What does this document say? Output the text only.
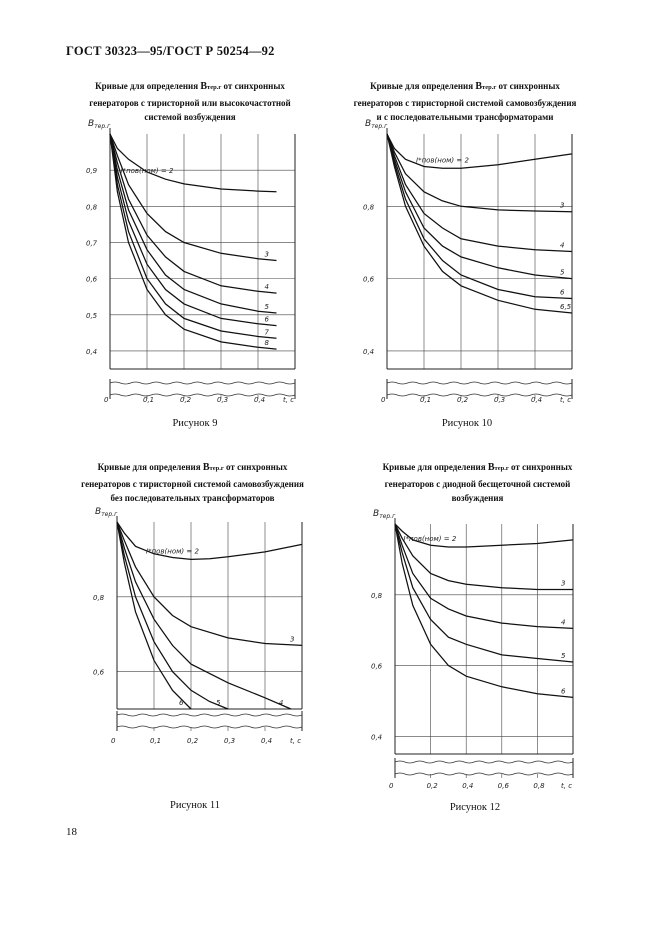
ГОСТ 30323—95/ГОСТ Р 50254—92
Кривые для определения Bтер.г от синхронных
генераторов с тиристорной или высокочастотной
системой возбуждения
0	0,1	0,2	0,3	0,4	t, с
0,4
0,5
0,6
0,7
0,8
0,9
Bтер.г
I*пов(ном) = 2
3
4
5
6
7
8
Рисунок 9
Кривые для определения Bтер.г от синхронных
генераторов с тиристорной системой самовозбуждения
и с последовательными трансформаторами
0	0,1	0,2	0,3	0,4	t, с
0,4
0,6
0,8
Bтер.г
I*пов(ном) = 2
3
4
5
6
6,5
Рисунок 10
Кривые для определения Bтер.г от синхронных
генераторов с тиристорной системой самовозбуждения
без последовательных трансформаторов
0	0,1	0,2	0,3	0,4	t, с
0,6
0,8
Bтер.г
I*пов(ном) = 2
3
4
5
6
Рисунок 11
Кривые для определения Bтер.г от синхронных
генераторов с диодной бесщеточной системой
возбуждения
0	0,2	0,4	0,6	0,8 t, с
0,4
0,6
0,8
Bтер.г
I*пов(ном) = 2
3
4
5
6
Рисунок 12
18
